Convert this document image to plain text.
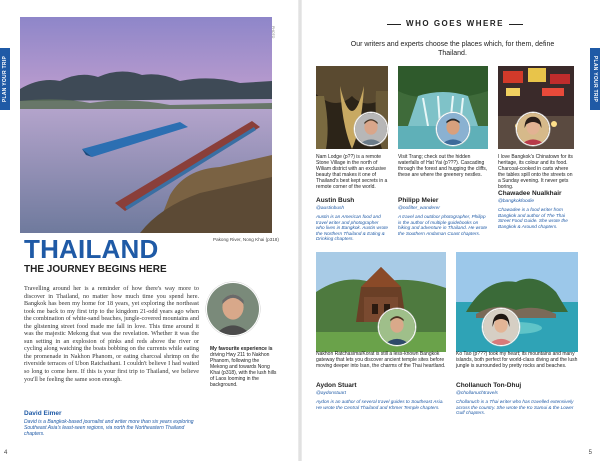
PLAN YOUR TRIP	PLAN YOUR TRIP
PHOTO
Pakong River, Nong Khai (p318)
THAILAND
THE JOURNEY BEGINS HERE
Travelling around her is a reminder of how there's way more to discover in Thailand, no matter how much time you spend here. Bangkok has been my home for 18 years, yet exploring the northeast took me back to my first trip to the kingdom 21-odd years ago when the combination of white-sand beaches, jungle-covered mountains and the glistening street food made me fall in love. This time around it was the majestic Mekong that was the revelation. Whether it was the sun setting in an explosion of pinks and reds above the river or cycling along watching the boats bobbing on the currents while eating the promenade in Nakhon Phanom, or eating charcoal shrimp on the riverside terraces of Ubon Ratchathani. I couldn't believe I had waited so long to come here. If this is your first trip to Thailand, we believe you'll be feeling the same soon enough.
David Eimer
David is a Bangkok-based journalist and writer more than six years exploring Southeast Asia's least-seen regions, via north the Northeastern Thailand chapters.
My favourite experience is driving Hwy 211 to Nakhon Phanom, following the Mekong and towards Nong Khai (p318), with the lush hills of Laos looming in the background.
4
WHO GOES WHERE
Our writers and experts choose the places which, for them, define Thailand.
Nam Lodge (p??) is a remote Stone Village in the north of Wiliam district with an exclusive beauty that makes it one of Thailand's best kept secrets in a remote corner of the world.
Austin Bush
@austinbush
Austin is an American food and travel writer and photographer who lives in Bangkok. Austin wrote the Northern Thailand & Eating & Drinking chapters.
Visit Trang; check out the hidden waterfalls of Hat Yai (p???). Cascading through the forest and hugging the cliffs, these are where the greenery nestles.
Philipp Meier
@nofilter_wanderer
A travel and outdoor photographer, Philipp is the author of multiple guidebooks on hiking and adventure in Thailand. He wrote the Southern Andaman Coast chapters.
I love Bangkok's Chinatown for its heritage, its colour and its food. Charcoal-cooked in carts where the tables spill onto the streets on a Sunday evening. It never gets boring.
Chawadee Nualkhair
@bangkokfoodie
Chawadee is a food writer from Bangkok and author of The Thai Street Food Guide. She wrote the Bangkok & Around chapters.
Nakhon Ratchasima/Korat is still a less-known Bangkok gateway that lets you discover ancient temple sites before moving deeper into Isan, the charms of the Thai heartland.
Aydon Stuart
@aydonstuart
Aydon is an author of several travel guides to Southeast Asia. He wrote the Central Thailand and Khmer Temple chapters.
Ko Tao (p???) took my heart; its mountains and many islands, both perfect for world-class diving and the lush jungle is surrounded by pretty rocks and beaches.
Chollanuch Ton-Dhuj
@chollanuchtravels
Chollanuch is a Thai writer who has travelled extensively across the country. She wrote the Ko Samui & the Lower Gulf chapters.
5
